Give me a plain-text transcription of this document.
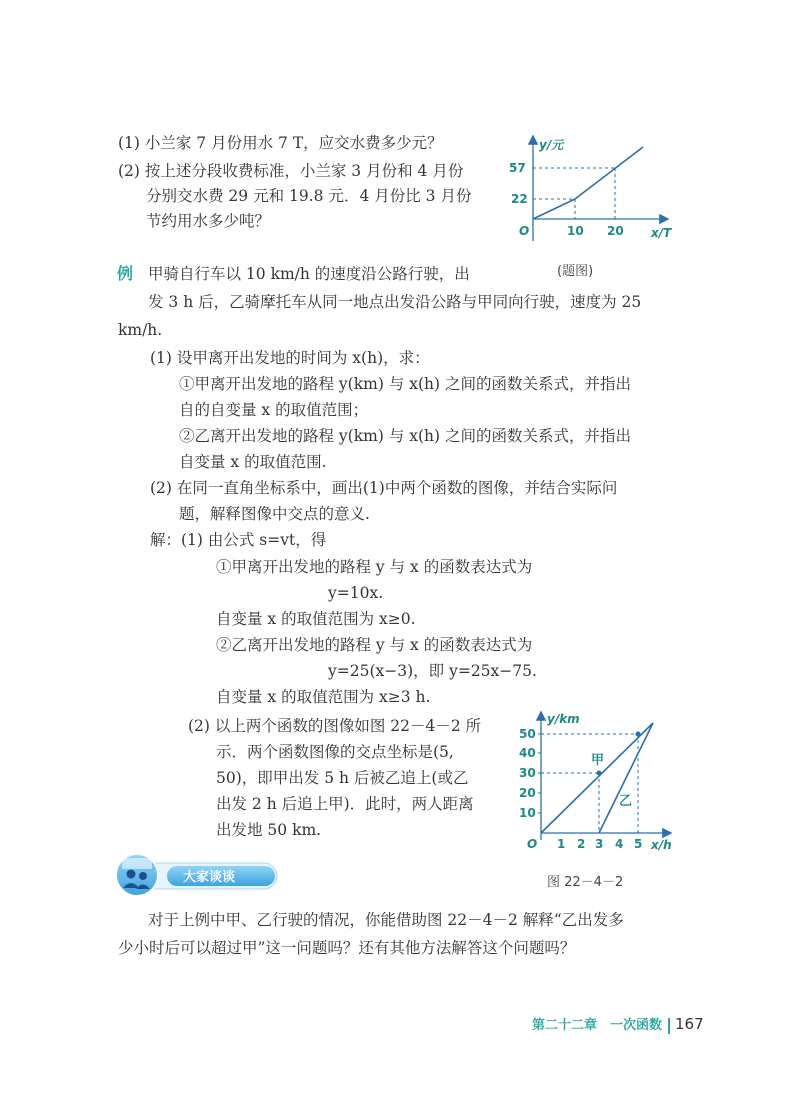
(1) 小兰家 7 月份用水 7 T，应交水费多少元？
(2) 按上述分段收费标准，小兰家 3 月份和 4 月份
分别交水费 29 元和 19.8 元．4 月份比 3 月份
节约用水多少吨？
y/元
57
22
O	10 20 x/T
(题图)
例 甲骑自行车以 10 km/h 的速度沿公路行驶，出
发 3 h 后，乙骑摩托车从同一地点出发沿公路与甲同向行驶，速度为 25
km/h.
(1) 设甲离开出发地的时间为 x(h)，求：
①甲离开出发地的路程 y(km) 与 x(h) 之间的函数关系式，并指出
自的自变量 x 的取值范围；
②乙离开出发地的路程 y(km) 与 x(h) 之间的函数关系式，并指出
自变量 x 的取值范围.
(2) 在同一直角坐标系中，画出(1)中两个函数的图像，并结合实际问
题，解释图像中交点的意义.
解：(1) 由公式 s=vt，得
①甲离开出发地的路程 y 与 x 的函数表达式为
y=10x.
自变量 x 的取值范围为 x≥0.
②乙离开出发地的路程 y 与 x 的函数表达式为
y=25(x−3)，即 y=25x−75.
自变量 x 的取值范围为 x≥3 h.
(2) 以上两个函数的图像如图 22－4－2 所
示．两个函数图像的交点坐标是(5,
50)，即甲出发 5 h 后被乙追上(或乙
出发 2 h 后追上甲)．此时，两人距离
出发地 50 km.
y/km
50
40
30
20
10
O 1 2 3 4 5 x/h
甲
乙
图 22－4－2
大家谈谈
对于上例中甲、乙行驶的情况，你能借助图 22－4－2 解释“乙出发多
少小时后可以超过甲”这一问题吗？还有其他方法解答这个问题吗？
第二十二章　一次函数 167
